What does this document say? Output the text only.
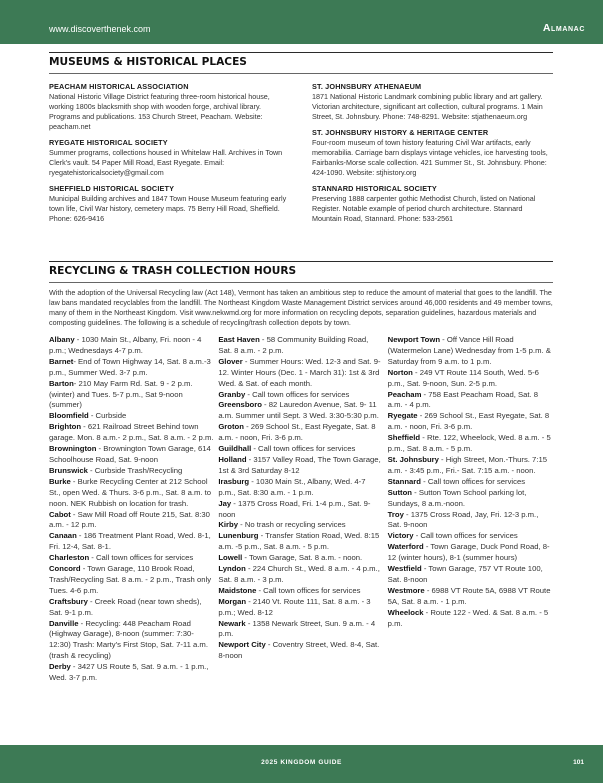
www.discoverthenek.com	Almanac
MUSEUMS & HISTORICAL PLACES
PEACHAM HISTORICAL ASSOCIATION
National Historic Village District featuring three-room historical house, working 1800s blacksmith shop with wooden forge, archival library. Programs and publications. 153 Church Street, Peacham. Website: peacham.net
RYEGATE HISTORICAL SOCIETY
Summer programs, collections housed in Whitelaw Hall. Archives in Town Clerk's vault. 54 Paper Mill Road, East Ryegate. Email: ryegatehistoricalsociety@gmail.com
SHEFFIELD HISTORICAL SOCIETY
Municipal Building archives and 1847 Town House Museum featuring early town life, Civil War history, cemetery maps. 75 Berry Hill Road, Sheffield. Phone: 626-9416
ST. JOHNSBURY ATHENAEUM
1871 National Historic Landmark combining public library and art gallery. Victorian architecture, significant art collection, cultural programs. 1 Main Street, St. Johnsbury. Phone: 748-8291. Website: stjathenaeum.org
ST. JOHNSBURY HISTORY & HERITAGE CENTER
Four-room museum of town history featuring Civil War artifacts, early memorabilia. Carriage barn displays vintage vehicles, ice harvesting tools, Fairbanks-Morse scale collection. 421 Summer St., St. Johnsbury. Phone: 424-1090. Website: stjhistory.org
STANNARD HISTORICAL SOCIETY
Preserving 1888 carpenter gothic Methodist Church, listed on National Register. Notable example of period church architecture. Stannard Mountain Road, Stannard. Phone: 533-2561
RECYCLING & TRASH COLLECTION HOURS
With the adoption of the Universal Recycling law (Act 148), Vermont has taken an ambitious step to reduce the amount of material that goes to the landfill. The law bans mandated recyclables from the landfill. The Northeast Kingdom Waste Management District services around 46,000 residents and 49 member towns, many of them in the Northeast Kingdom. Visit www.nekwmd.org for more information on recycling depots, separation guidelines, hazardous materials and composting guidelines. The following is a schedule of recycling/trash collection depots by town.
Albany - 1030 Main St., Albany, Fri. noon - 4 p.m.; Wednesdays 4-7 p.m.
Barnet- End of Town Highway 14, Sat. 8 a.m.-3 p.m., Summer Wed. 3-7 p.m.
Barton- 210 May Farm Rd. Sat. 9 - 2 p.m. (winter) and Tues. 5-7 p.m., Sat 9-noon (summer)
Bloomfield - Curbside
Brighton - 621 Railroad Street Behind town garage. Mon. 8 a.m.- 2 p.m., Sat. 8 a.m. - 2 p.m.
Brownington - Brownington Town Garage, 614 Schoolhouse Road, Sat. 9-noon
Brunswick - Curbside Trash/Recycling
Burke - Burke Recycling Center at 212 School St., open Wed. & Thurs. 3-6 p.m., Sat. 8 a.m. to noon. NEK Rubbish on location for trash.
Cabot - Saw Mill Road off Route 215, Sat. 8:30 a.m. - 12 p.m.
Canaan - 186 Treatment Plant Road, Wed. 8-1, Fri. 12-4, Sat. 8-1.
Charleston - Call town offices for services
Concord - Town Garage, 110 Brook Road, Trash/Recycling Sat. 8 a.m. - 2 p.m., Trash only Tues. 4-6 p.m.
Craftsbury - Creek Road (near town sheds), Sat. 9-1 p.m.
Danville - Recycling: 448 Peacham Road (Highway Garage), 8-noon (summer: 7:30-12:30) Trash: Marty's First Stop, Sat. 7-11 a.m. (trash & recycling)
Derby - 3427 US Route 5, Sat. 9 a.m. - 1 p.m., Wed. 3-7 p.m.
East Haven - 58 Community Building Road, Sat. 8 a.m. - 2 p.m.
Glover - Summer Hours: Wed. 12-3 and Sat. 9-12. Winter Hours (Dec. 1 - March 31): 1st & 3rd Wed. & Sat. of each month.
Granby - Call town offices for services
Greensboro - 82 Lauredon Avenue, Sat. 9- 11 a.m. Summer until Sept. 3 Wed. 3:30-5:30 p.m.
Groton - 269 School St., East Ryegate, Sat. 8 a.m. - noon, Fri. 3-6 p.m.
Guildhall - Call town offices for services
Holland - 3157 Valley Road, The Town Garage, 1st & 3rd Saturday 8-12
Irasburg - 1030 Main St., Albany, Wed. 4-7 p.m., Sat. 8:30 a.m. - 1 p.m.
Jay - 1375 Cross Road, Fri. 1-4 p.m., Sat. 9-noon
Kirby - No trash or recycling services
Lunenburg - Transfer Station Road, Wed. 8:15 a.m. -5 p.m., Sat. 8 a.m. - 5 p.m.
Lowell - Town Garage, Sat. 8 a.m. - noon.
Lyndon - 224 Church St., Wed. 8 a.m. - 4 p.m., Sat. 8 a.m. - 3 p.m.
Maidstone - Call town offices for services
Morgan - 2140 Vt. Route 111, Sat. 8 a.m. - 3 p.m.; Wed. 8-12
Newark - 1358 Newark Street, Sun. 9 a.m. - 4 p.m.
Newport City - Coventry Street, Wed. 8-4, Sat. 8-noon
Newport Town - Off Vance Hill Road (Watermelon Lane) Wednesday from 1-5 p.m. & Saturday from 9 a.m. to 1 p.m.
Norton - 249 VT Route 114 South, Wed. 5-6 p.m., Sat. 9-noon, Sun. 2-5 p.m.
Peacham - 758 East Peacham Road, Sat. 8 a.m. - 4 p.m.
Ryegate - 269 School St., East Ryegate, Sat. 8 a.m. - noon, Fri. 3-6 p.m.
Sheffield - Rte. 122, Wheelock, Wed. 8 a.m. - 5 p.m., Sat. 8 a.m. - 5 p.m.
St. Johnsbury - High Street, Mon.-Thurs. 7:15 a.m. - 3:45 p.m., Fri.- Sat. 7:15 a.m. - noon.
Stannard - Call town offices for services
Sutton - Sutton Town School parking lot, Sundays, 8 a.m.-noon.
Troy - 1375 Cross Road, Jay, Fri. 12-3 p.m., Sat. 9-noon
Victory - Call town offices for services
Waterford - Town Garage, Duck Pond Road, 8-12 (winter hours), 8-1 (summer hours)
Westfield - Town Garage, 757 VT Route 100, Sat. 8-noon
Westmore - 6988 VT Route 5A, 6988 VT Route 5A, Sat. 8 a.m. - 1 p.m.
Wheelock - Route 122 - Wed. & Sat. 8 a.m. - 5 p.m.
2025 KINGDOM GUIDE	101
